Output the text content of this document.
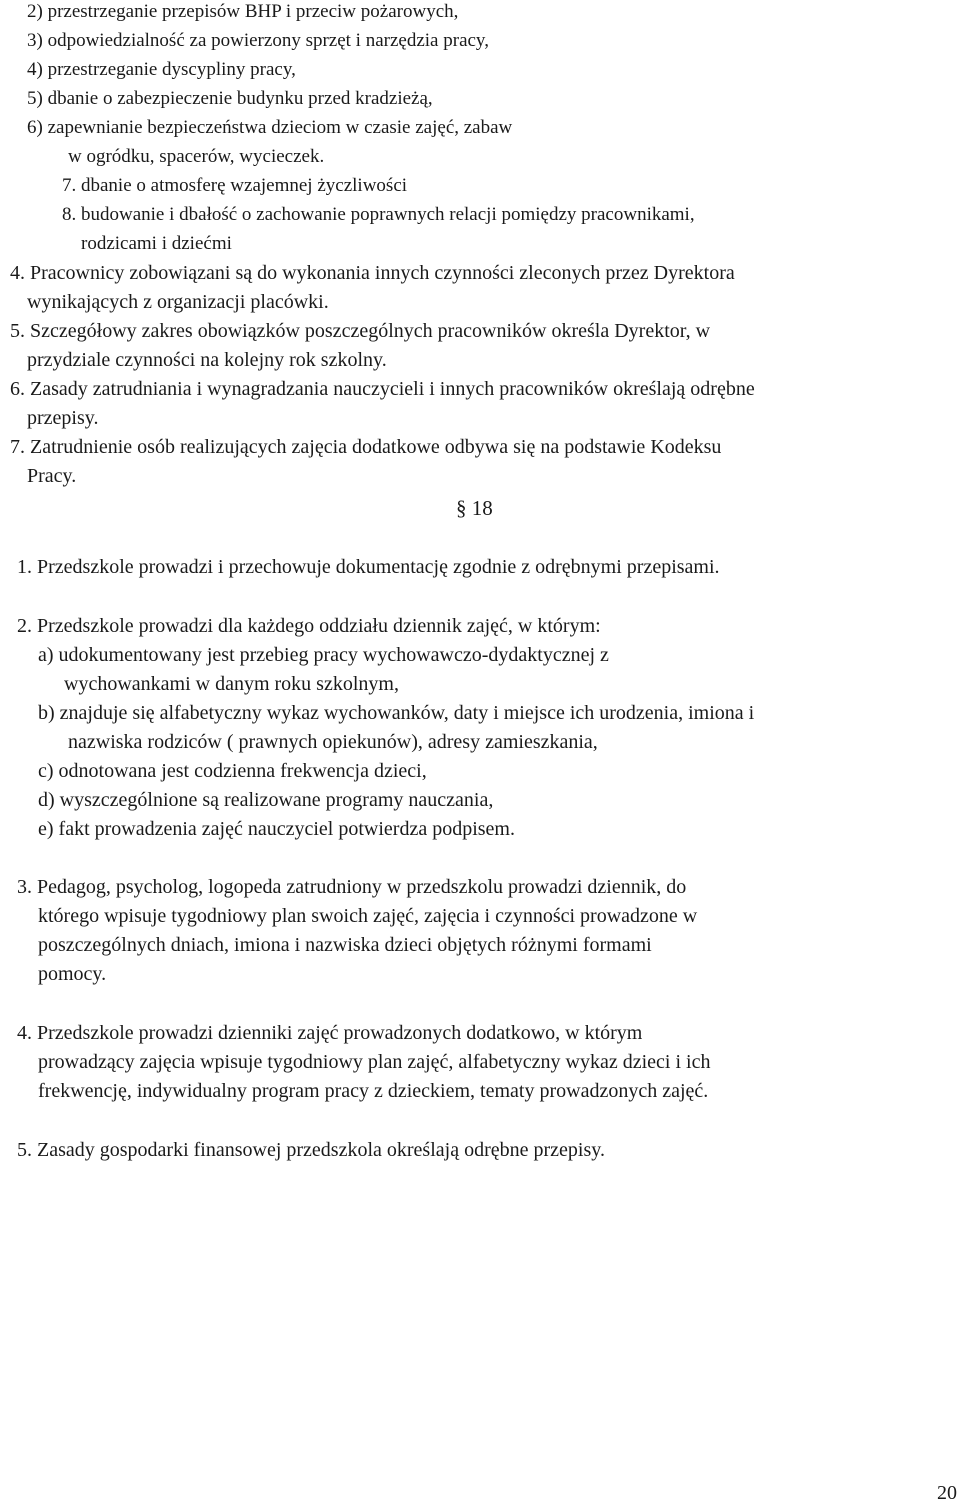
2) przestrzeganie przepisów BHP i przeciw pożarowych,

3) odpowiedzialność za powierzony sprzęt i narzędzia pracy,

4) przestrzeganie dyscypliny pracy,

5) dbanie o zabezpieczenie budynku przed kradzieżą,

6) zapewnianie bezpieczeństwa dzieciom w czasie zajęć, zabaw

w ogródku, spacerów, wycieczek.

7. dbanie o atmosferę wzajemnej życzliwości

8. budowanie i dbałość o zachowanie poprawnych relacji pomiędzy pracownikami,

rodzicami i dziećmi

4. Pracownicy zobowiązani są do wykonania innych czynności zleconych przez Dyrektora

wynikających z organizacji placówki.

5. Szczegółowy zakres obowiązków poszczególnych pracowników określa Dyrektor, w

przydziale czynności na kolejny rok szkolny.

6. Zasady zatrudniania i wynagradzania nauczycieli i innych pracowników określają odrębne

przepisy.

7. Zatrudnienie osób realizujących zajęcia dodatkowe odbywa się na podstawie Kodeksu

Pracy.

§ 18

1. Przedszkole prowadzi i przechowuje dokumentację zgodnie z odrębnymi przepisami.

2. Przedszkole prowadzi dla każdego oddziału dziennik zajęć, w którym:

a) udokumentowany jest przebieg pracy wychowawczo-dydaktycznej z

wychowankami w danym roku szkolnym,

b) znajduje się alfabetyczny wykaz wychowanków, daty i miejsce ich urodzenia, imiona i

nazwiska rodziców ( prawnych opiekunów), adresy zamieszkania,

c) odnotowana jest codzienna frekwencja dzieci,

d) wyszczególnione są realizowane programy nauczania,

e) fakt prowadzenia zajęć nauczyciel potwierdza podpisem.

3. Pedagog, psycholog, logopeda zatrudniony w przedszkolu prowadzi dziennik, do

którego wpisuje tygodniowy plan swoich zajęć, zajęcia i czynności prowadzone w

poszczególnych dniach, imiona i nazwiska dzieci objętych różnymi formami

pomocy.

4. Przedszkole prowadzi dzienniki zajęć prowadzonych dodatkowo, w którym

prowadzący zajęcia wpisuje tygodniowy plan zajęć, alfabetyczny wykaz dzieci i ich

frekwencję, indywidualny program pracy z dzieckiem, tematy prowadzonych zajęć.

5. Zasady gospodarki finansowej przedszkola określają odrębne przepisy.

20
